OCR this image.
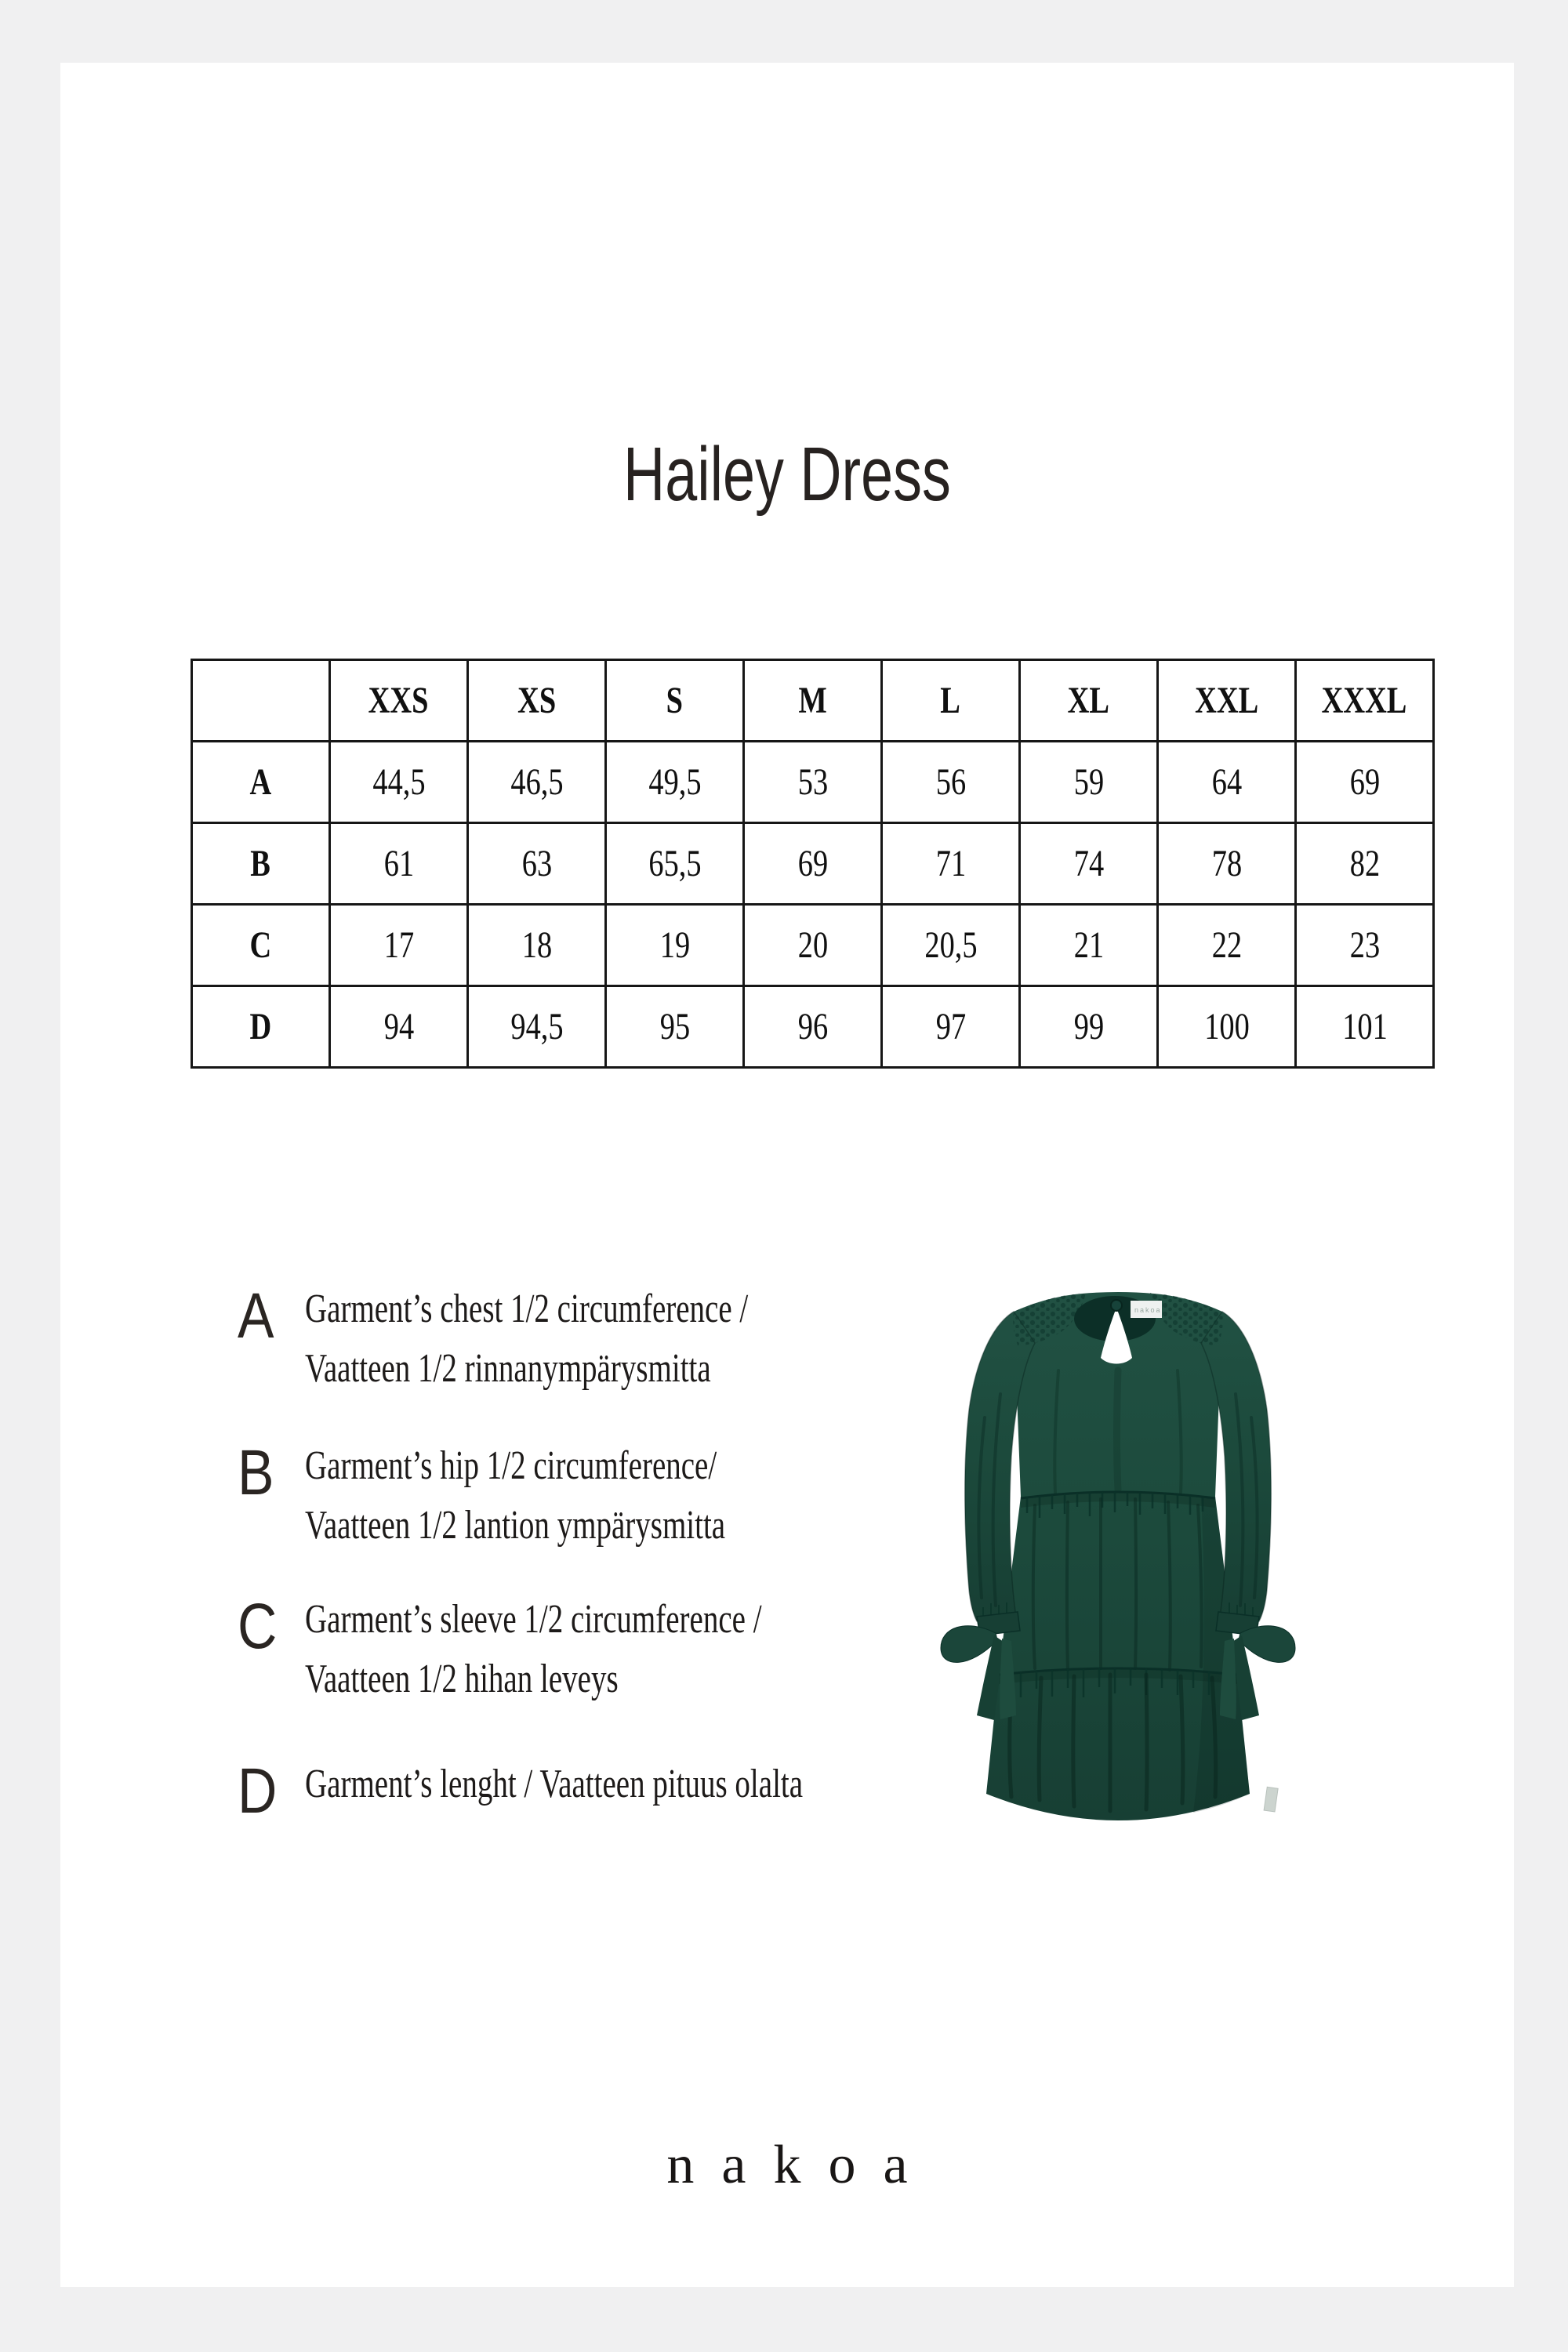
Hailey Dress
	XXS	XS	S	M	L	XL	XXL	XXXL
A	44,5	46,5	49,5	53	56	59	64	69
B	61	63	65,5	69	71	74	78	82
C	17	18	19	20	20,5	21	22	23
D	94	94,5	95	96	97	99	100	101
A Garment’s chest 1/2 circumference /
Vaatteen 1/2 rinnanympärysmitta
B Garment’s hip 1/2 circumference/
Vaatteen 1/2 lantion ympärysmitta
C Garment’s sleeve 1/2 circumference /
Vaatteen 1/2 hihan leveys
D Garment’s lenght / Vaatteen pituus olalta
nakoa
nakoa
